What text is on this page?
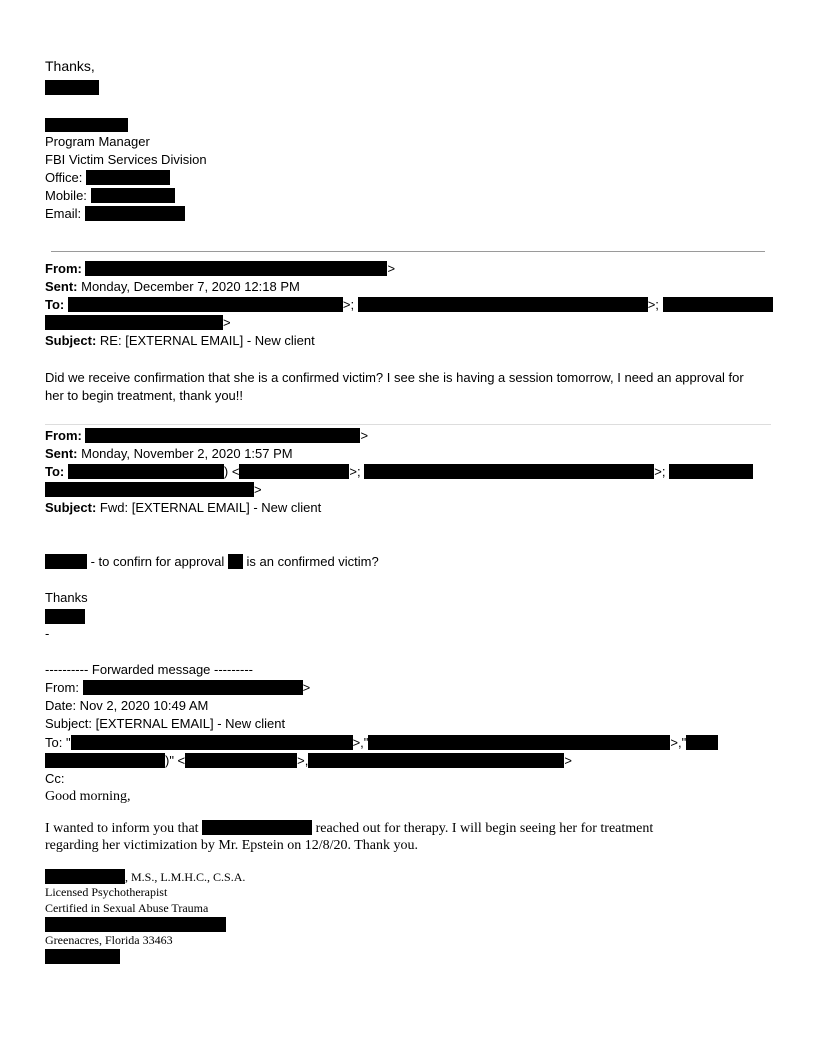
Thanks,
Program Manager
FBI Victim Services Division
Office:
Mobile:
Email:
From:	>
Sent: Monday, December 7, 2020 12:18 PM
To:	>;	>;
>
Subject: RE: [EXTERNAL EMAIL] - New client
Did we receive confirmation that she is a confirmed victim? I see she is having a session tomorrow, I need an approval for
her to begin treatment, thank you!!
From:	>
Sent: Monday, November 2, 2020 1:57 PM
To:	) <	>;	>;
>
Subject: Fwd: [EXTERNAL EMAIL] - New client
- to confirn for approval  is an confirmed victim?
Thanks
-
---------- Forwarded message ---------
From:	>
Date: Nov 2, 2020 10:49 AM
Subject: [EXTERNAL EMAIL] - New client
To: "	>,"	>,"
)" <	>,	>
Cc:
Good morning,
I wanted to inform you that	reached out for therapy. I will begin seeing her for treatment
regarding her victimization by Mr. Epstein on 12/8/20. Thank you.
, M.S., L.M.H.C., C.S.A.
Licensed Psychotherapist
Certified in Sexual Abuse Trauma
Greenacres, Florida 33463
